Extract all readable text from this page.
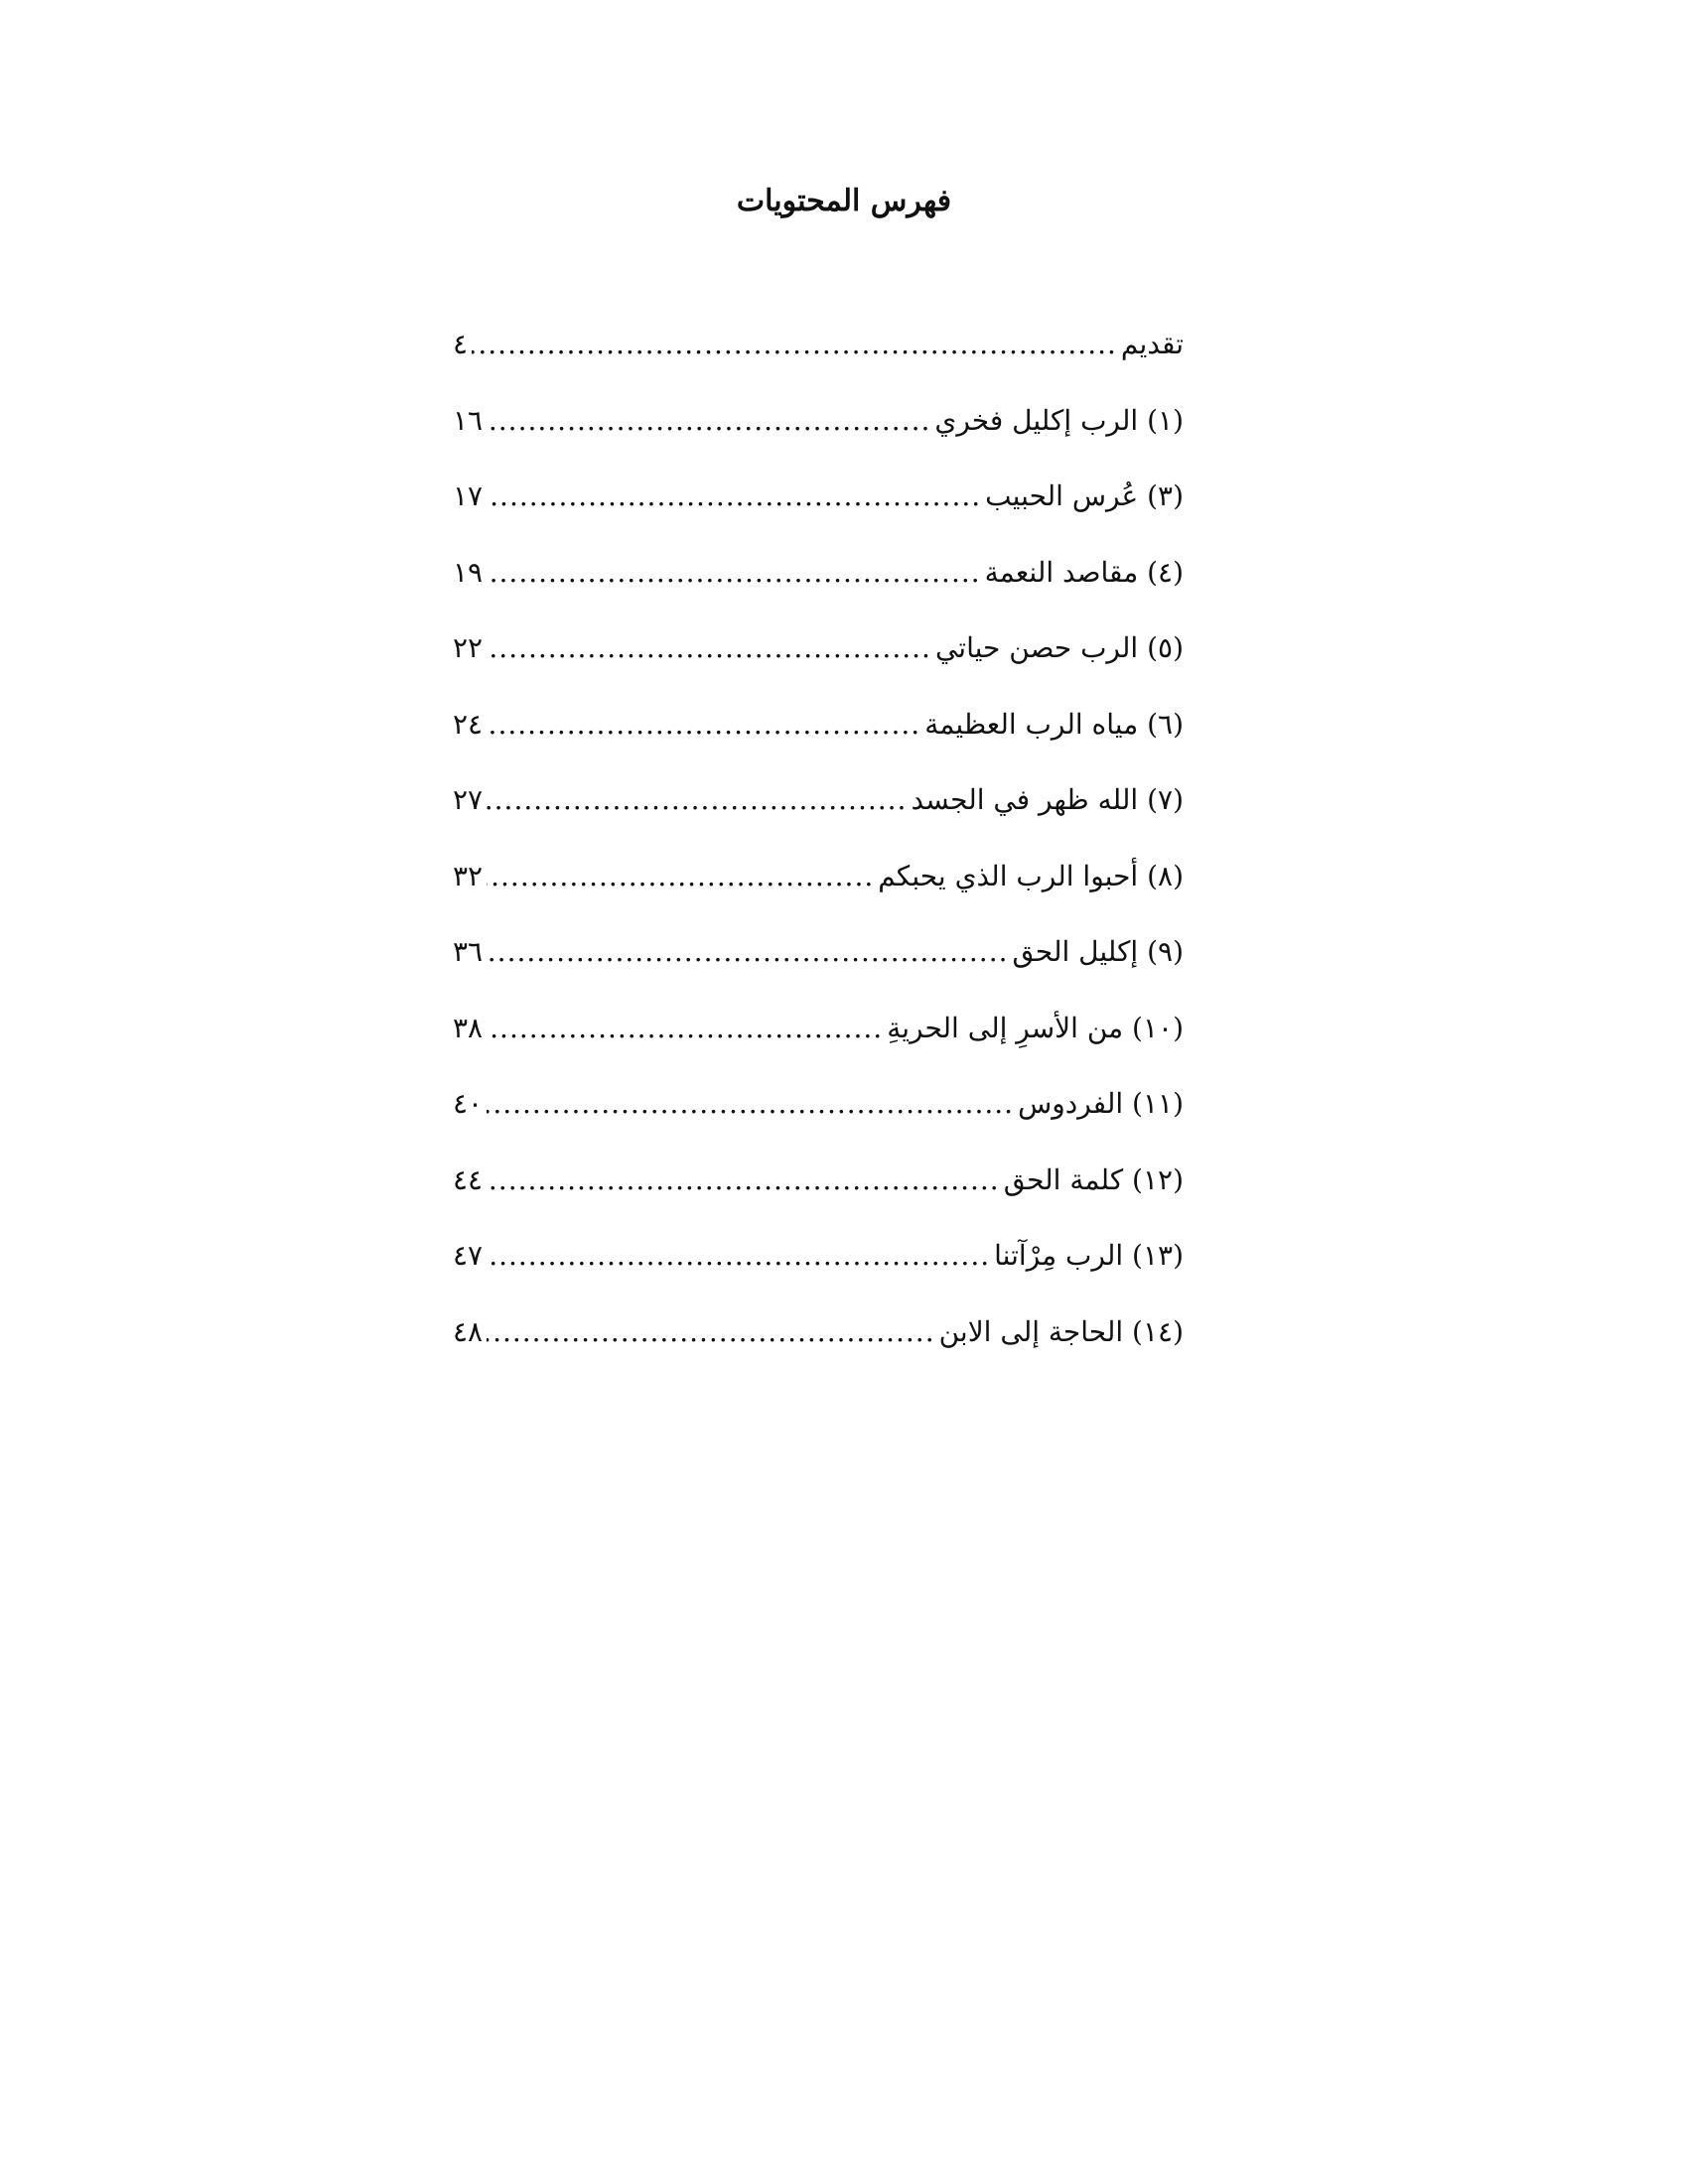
فهرس المحتويات
تقديم
.....
٤
(١) الرب إكليل فخري
.....
١٦
(٣) عُرس الحبيب
.....
١٧
(٤) مقاصد النعمة
.....
١٩
(٥) الرب حصن حياتي
.....
٢٢
(٦) مياه الرب العظيمة
.....
٢٤
(٧) الله ظهر في الجسد
.....
٢٧
(٨) أحبوا الرب الذي يحبكم
.....
٣٢
(٩) إكليل الحق
.....
٣٦
(١٠) من الأسرِ إلى الحريةِ
.....
٣٨
(١١) الفردوس
.....
٤٠
(١٢) كلمة الحق
.....
٤٤
(١٣) الرب مِرْآتنا
.....
٤٧
(١٤) الحاجة إلى الابن
.....
٤٨
